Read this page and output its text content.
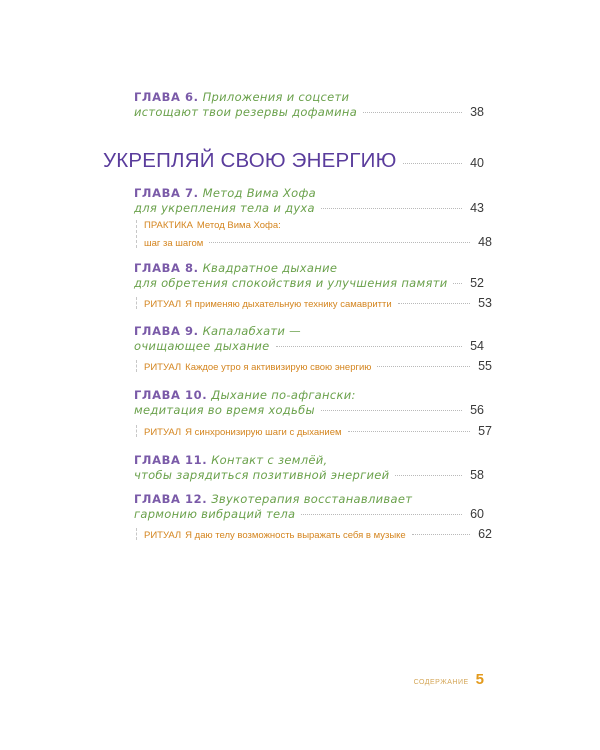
ГЛАВА 6. Приложения и соцсети
истощают твои резервы дофамина	38
УКРЕПЛЯЙ СВОЮ ЭНЕРГИЮ	40
ГЛАВА 7. Метод Вима Хофа
для укрепления тела и духа	43
ПРАКТИКА Метод Вима Хофа:
шаг за шагом	48
ГЛАВА 8. Квадратное дыхание
для обретения спокойствия и улучшения памяти 52
РИТУАЛ Я применяю дыхательную технику самавритти	53
ГЛАВА 9. Капалабхати —
очищающее дыхание	54
РИТУАЛ Каждое утро я активизирую свою энергию	55
ГЛАВА 10. Дыхание по-афгански:
медитация во время ходьбы	56
РИТУАЛ Я синхронизирую шаги с дыханием	57
ГЛАВА 11. Контакт с землёй,
чтобы зарядиться позитивной энергией	58
ГЛАВА 12. Звукотерапия восстанавливает
гармонию вибраций тела	60
РИТУАЛ Я даю телу возможность выражать себя в музыке	62
СОДЕРЖАНИЕ 5
